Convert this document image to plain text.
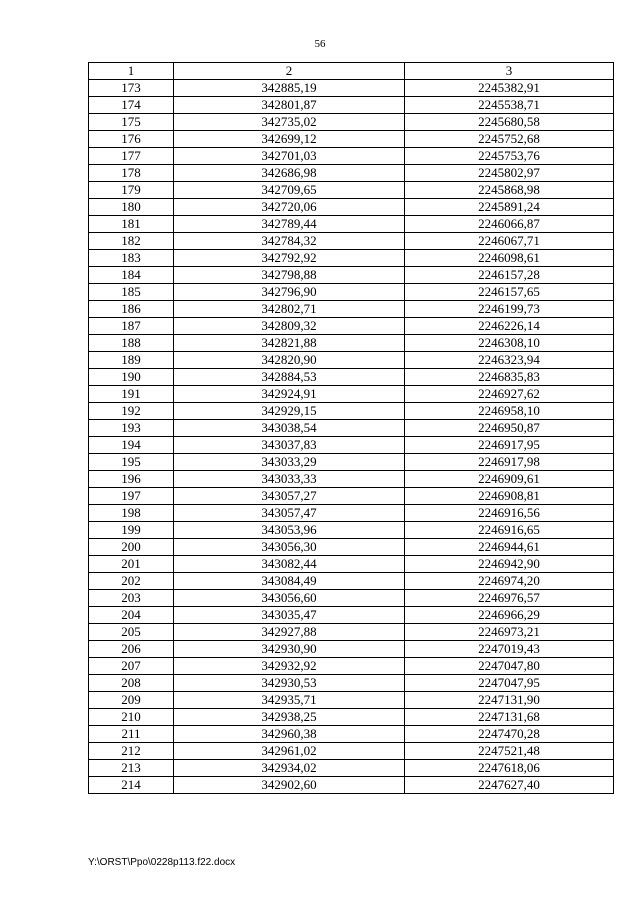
56
1	2	3
173	342885,19	2245382,91
174	342801,87	2245538,71
175	342735,02	2245680,58
176	342699,12	2245752,68
177	342701,03	2245753,76
178	342686,98	2245802,97
179	342709,65	2245868,98
180	342720,06	2245891,24
181	342789,44	2246066,87
182	342784,32	2246067,71
183	342792,92	2246098,61
184	342798,88	2246157,28
185	342796,90	2246157,65
186	342802,71	2246199,73
187	342809,32	2246226,14
188	342821,88	2246308,10
189	342820,90	2246323,94
190	342884,53	2246835,83
191	342924,91	2246927,62
192	342929,15	2246958,10
193	343038,54	2246950,87
194	343037,83	2246917,95
195	343033,29	2246917,98
196	343033,33	2246909,61
197	343057,27	2246908,81
198	343057,47	2246916,56
199	343053,96	2246916,65
200	343056,30	2246944,61
201	343082,44	2246942,90
202	343084,49	2246974,20
203	343056,60	2246976,57
204	343035,47	2246966,29
205	342927,88	2246973,21
206	342930,90	2247019,43
207	342932,92	2247047,80
208	342930,53	2247047,95
209	342935,71	2247131,90
210	342938,25	2247131,68
211	342960,38	2247470,28
212	342961,02	2247521,48
213	342934,02	2247618,06
214	342902,60	2247627,40
Y:\ORST\Ppo\0228p113.f22.docx
